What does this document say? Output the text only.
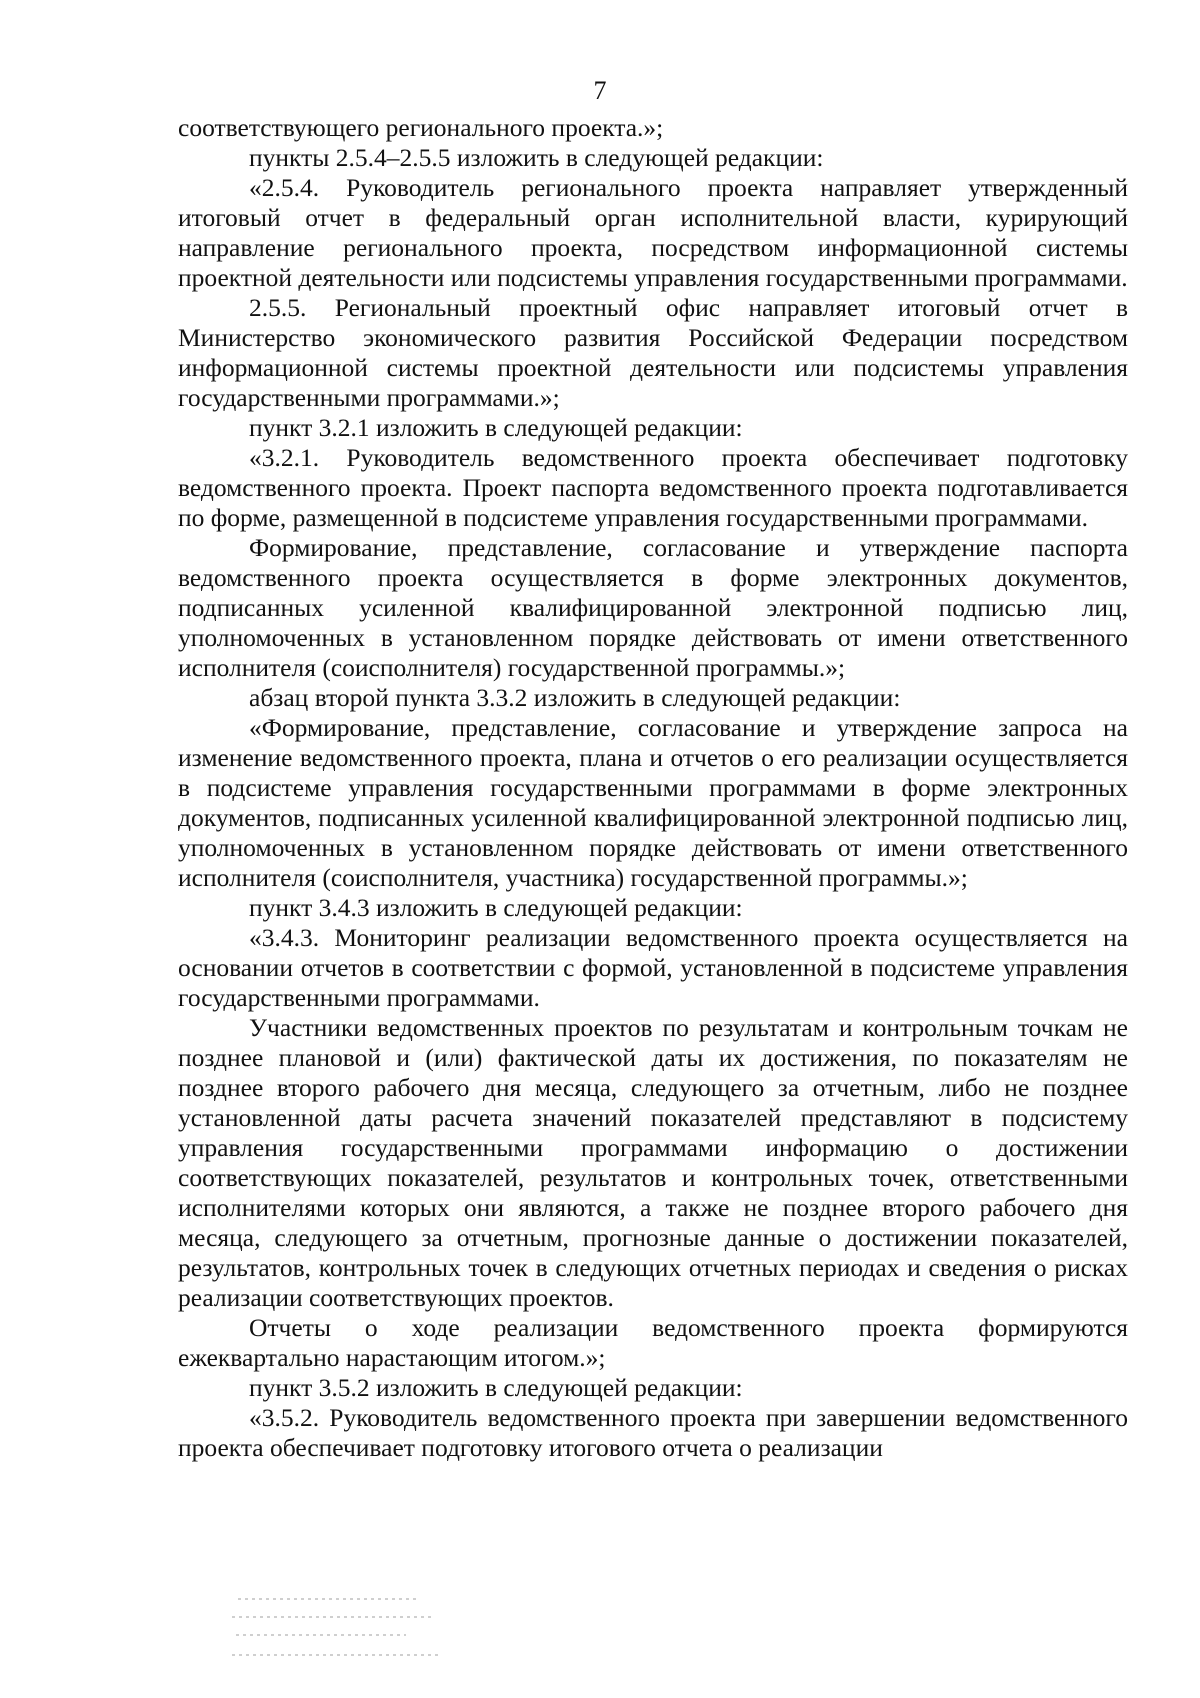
7

соответствующего регионального проекта.»;

пункты 2.5.4–2.5.5 изложить в следующей редакции:

«2.5.4. Руководитель регионального проекта направляет утвержденный итоговый отчет в федеральный орган исполнительной власти, курирующий направление регионального проекта, посредством информационной системы проектной деятельности или подсистемы управления государственными программами.

2.5.5. Региональный проектный офис направляет итоговый отчет в Министерство экономического развития Российской Федерации посредством информационной системы проектной деятельности или подсистемы управления государственными программами.»;

пункт 3.2.1 изложить в следующей редакции:

«3.2.1. Руководитель ведомственного проекта обеспечивает подготовку ведомственного проекта. Проект паспорта ведомственного проекта подготавливается по форме, размещенной в подсистеме управления государственными программами.

Формирование, представление, согласование и утверждение паспорта ведомственного проекта осуществляется в форме электронных документов, подписанных усиленной квалифицированной электронной подписью лиц, уполномоченных в установленном порядке действовать от имени ответственного исполнителя (соисполнителя) государственной программы.»;

абзац второй пункта 3.3.2 изложить в следующей редакции:

«Формирование, представление, согласование и утверждение запроса на изменение ведомственного проекта, плана и отчетов о его реализации осуществляется в подсистеме управления государственными программами в форме электронных документов, подписанных усиленной квалифицированной электронной подписью лиц, уполномоченных в установленном порядке действовать от имени ответственного исполнителя (соисполнителя, участника) государственной программы.»;

пункт 3.4.3 изложить в следующей редакции:

«3.4.3. Мониторинг реализации ведомственного проекта осуществляется на основании отчетов в соответствии с формой, установленной в подсистеме управления государственными программами.

Участники ведомственных проектов по результатам и контрольным точкам не позднее плановой и (или) фактической даты их достижения, по показателям не позднее второго рабочего дня месяца, следующего за отчетным, либо не позднее установленной даты расчета значений показателей представляют в подсистему управления государственными программами информацию о достижении соответствующих показателей, результатов и контрольных точек, ответственными исполнителями которых они являются, а также не позднее второго рабочего дня месяца, следующего за отчетным, прогнозные данные о достижении показателей, результатов, контрольных точек в следующих отчетных периодах и сведения о рисках реализации соответствующих проектов.

Отчеты о ходе реализации ведомственного проекта формируются ежеквартально нарастающим итогом.»;

пункт 3.5.2 изложить в следующей редакции:

«3.5.2. Руководитель ведомственного проекта при завершении ведомственного проекта обеспечивает подготовку итогового отчета о реализации
